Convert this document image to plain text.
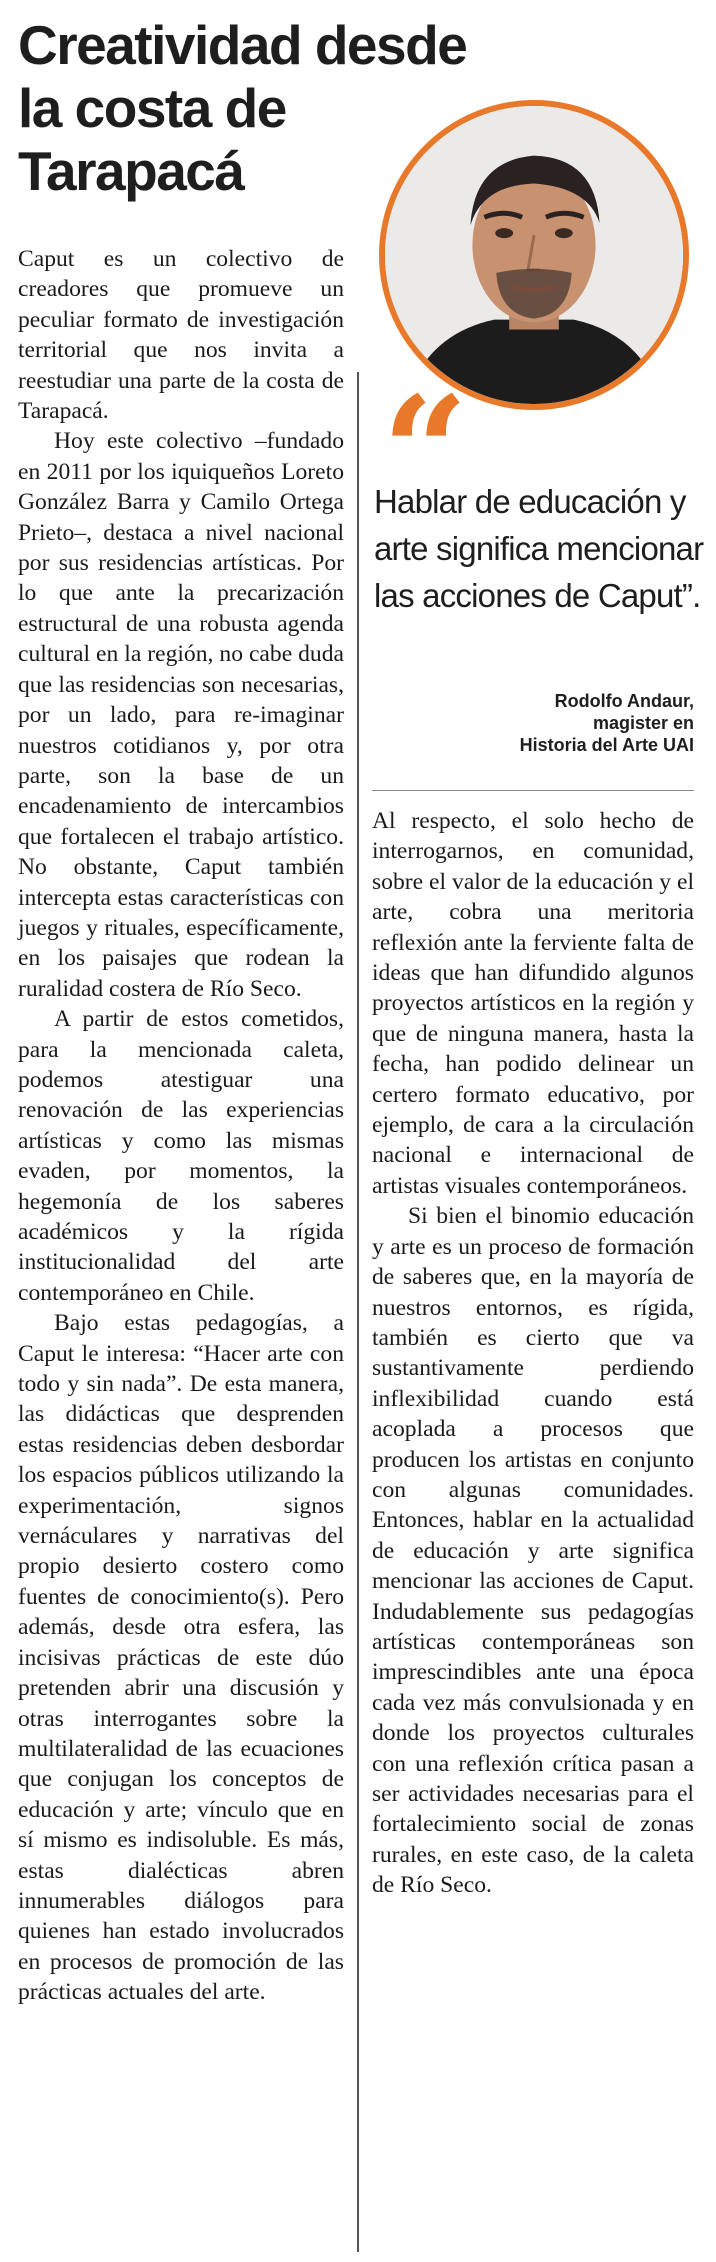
Creatividad desde la costa de Tarapacá

Caput es un colectivo de creadores que promueve un peculiar formato de investigación territorial que nos invita a reestudiar una parte de la costa de Tarapacá.

Hoy este colectivo –fundado en 2011 por los iquiqueños Loreto González Barra y Camilo Ortega Prieto–, destaca a nivel nacional por sus residencias artísticas. Por lo que ante la precarización estructural de una robusta agenda cultural en la región, no cabe duda que las residencias son necesarias, por un lado, para re-imaginar nuestros cotidianos y, por otra parte, son la base de un encadenamiento de intercambios que fortalecen el trabajo artístico. No obstante, Caput también intercepta estas características con juegos y rituales, específicamente, en los paisajes que rodean la ruralidad costera de Río Seco.

A partir de estos cometidos, para la mencionada caleta, podemos atestiguar una renovación de las experiencias artísticas y como las mismas evaden, por momentos, la hegemonía de los saberes académicos y la rígida institucionalidad del arte contemporáneo en Chile.

Bajo estas pedagogías, a Caput le interesa: “Hacer arte con todo y sin nada”. De esta manera, las didácticas que desprenden estas residencias deben desbordar los espacios públicos utilizando la experimentación, signos vernáculares y narrativas del propio desierto costero como fuentes de conocimiento(s). Pero además, desde otra esfera, las incisivas prácticas de este dúo pretenden abrir una discusión y otras interrogantes sobre la multilateralidad de las ecuaciones que conjugan los conceptos de educación y arte; vínculo que en sí mismo es indisoluble. Es más, estas dialécticas abren innumerables diálogos para quienes han estado involucrados en procesos de promoción de las prácticas actuales del arte.

“

Hablar de educación y arte significa mencionar las acciones de Caput”.

Rodolfo Andaur,
magister en
Historia del Arte UAI

Al respecto, el solo hecho de interrogarnos, en comunidad, sobre el valor de la educación y el arte, cobra una meritoria reflexión ante la ferviente falta de ideas que han difundido algunos proyectos artísticos en la región y que de ninguna manera, hasta la fecha, han podido delinear un certero formato educativo, por ejemplo, de cara a la circulación nacional e internacional de artistas visuales contemporáneos.

Si bien el binomio educación y arte es un proceso de formación de saberes que, en la mayoría de nuestros entornos, es rígida, también es cierto que va sustantivamente perdiendo inflexibilidad cuando está acoplada a procesos que producen los artistas en conjunto con algunas comunidades. Entonces, hablar en la actualidad de educación y arte significa mencionar las acciones de Caput. Indudablemente sus pedagogías artísticas contemporáneas son imprescindibles ante una época cada vez más convulsionada y en donde los proyectos culturales con una reflexión crítica pasan a ser actividades necesarias para el fortalecimiento social de zonas rurales, en este caso, de la caleta de Río Seco.
